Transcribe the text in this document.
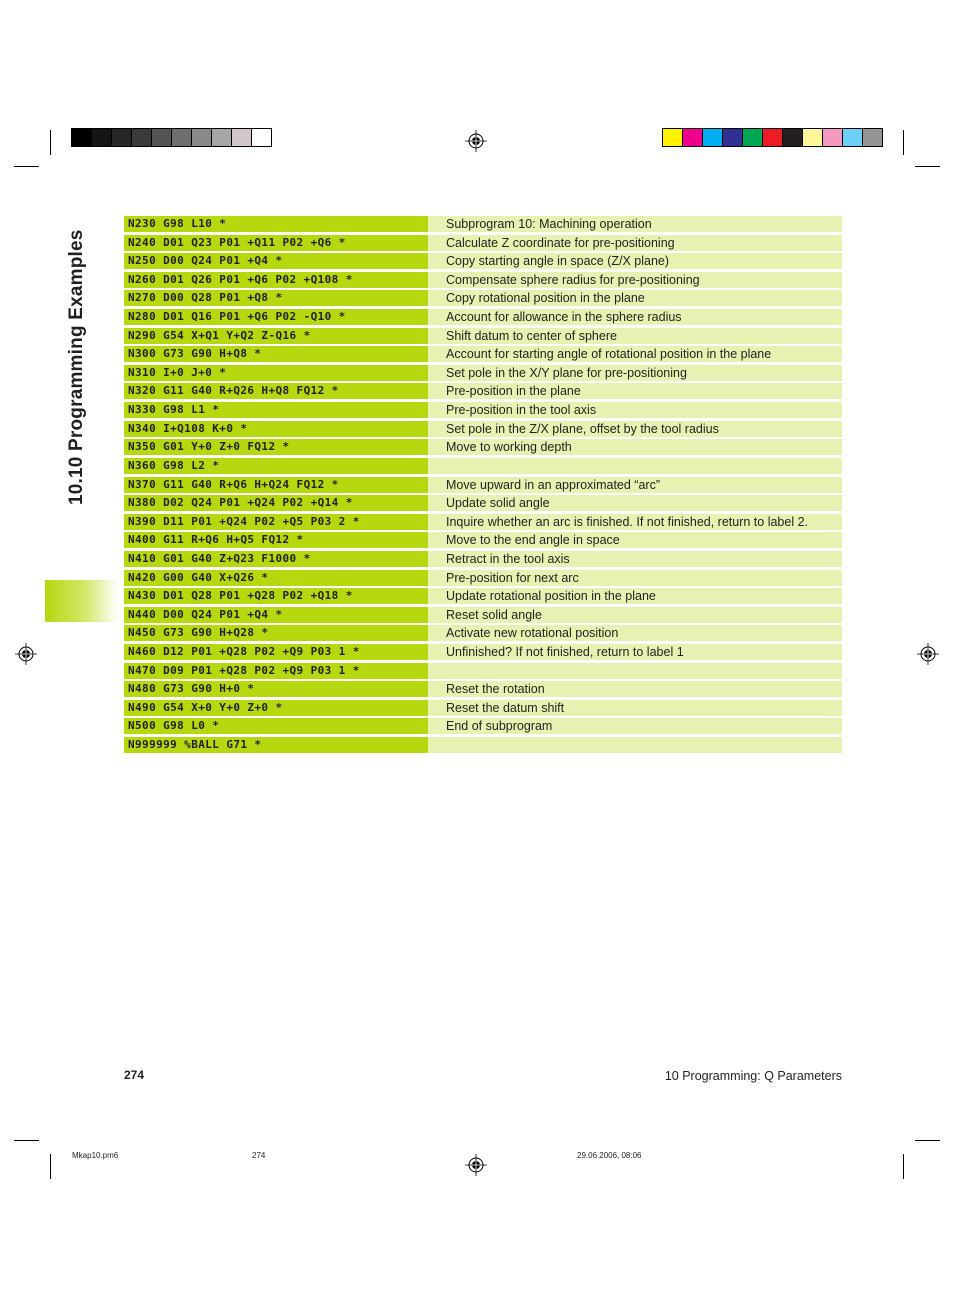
10.10 Programming Examples
N230 G98 L10 *	Subprogram 10: Machining operation
N240 D01 Q23 P01 +Q11 P02 +Q6 *	Calculate Z coordinate for pre-positioning
N250 D00 Q24 P01 +Q4 *	Copy starting angle in space (Z/X plane)
N260 D01 Q26 P01 +Q6 P02 +Q108 *	Compensate sphere radius for pre-positioning
N270 D00 Q28 P01 +Q8 *	Copy rotational position in the plane
N280 D01 Q16 P01 +Q6 P02 -Q10 *	Account for allowance in the sphere radius
N290 G54 X+Q1 Y+Q2 Z-Q16 *	Shift datum to center of sphere
N300 G73 G90 H+Q8 *	Account for starting angle of rotational position in the plane
N310 I+0 J+0 *	Set pole in the X/Y plane for pre-positioning
N320 G11 G40 R+Q26 H+Q8 FQ12 *	Pre-position in the plane
N330 G98 L1 *	Pre-position in the tool axis
N340 I+Q108 K+0 *	Set pole in the Z/X plane, offset by the tool radius
N350 G01 Y+0 Z+0 FQ12 *	Move to working depth
N360 G98 L2 *
N370 G11 G40 R+Q6 H+Q24 FQ12 *	Move upward in an approximated “arc”
N380 D02 Q24 P01 +Q24 P02 +Q14 *	Update solid angle
N390 D11 P01 +Q24 P02 +Q5 P03 2 *	Inquire whether an arc is finished. If not finished, return to label 2.
N400 G11 R+Q6 H+Q5 FQ12 *	Move to the end angle in space
N410 G01 G40 Z+Q23 F1000 *	Retract in the tool axis
N420 G00 G40 X+Q26 *	Pre-position for next arc
N430 D01 Q28 P01 +Q28 P02 +Q18 *	Update rotational position in the plane
N440 D00 Q24 P01 +Q4 *	Reset solid angle
N450 G73 G90 H+Q28 *	Activate new rotational position
N460 D12 P01 +Q28 P02 +Q9 P03 1 *	Unfinished? If not finished, return to label 1
N470 D09 P01 +Q28 P02 +Q9 P03 1 *
N480 G73 G90 H+0 *	Reset the rotation
N490 G54 X+0 Y+0 Z+0 *	Reset the datum shift
N500 G98 L0 *	End of subprogram
N999999 %BALL G71 *
274	10 Programming: Q Parameters
Mkap10.pm6	274	29.06.2006, 08:06
